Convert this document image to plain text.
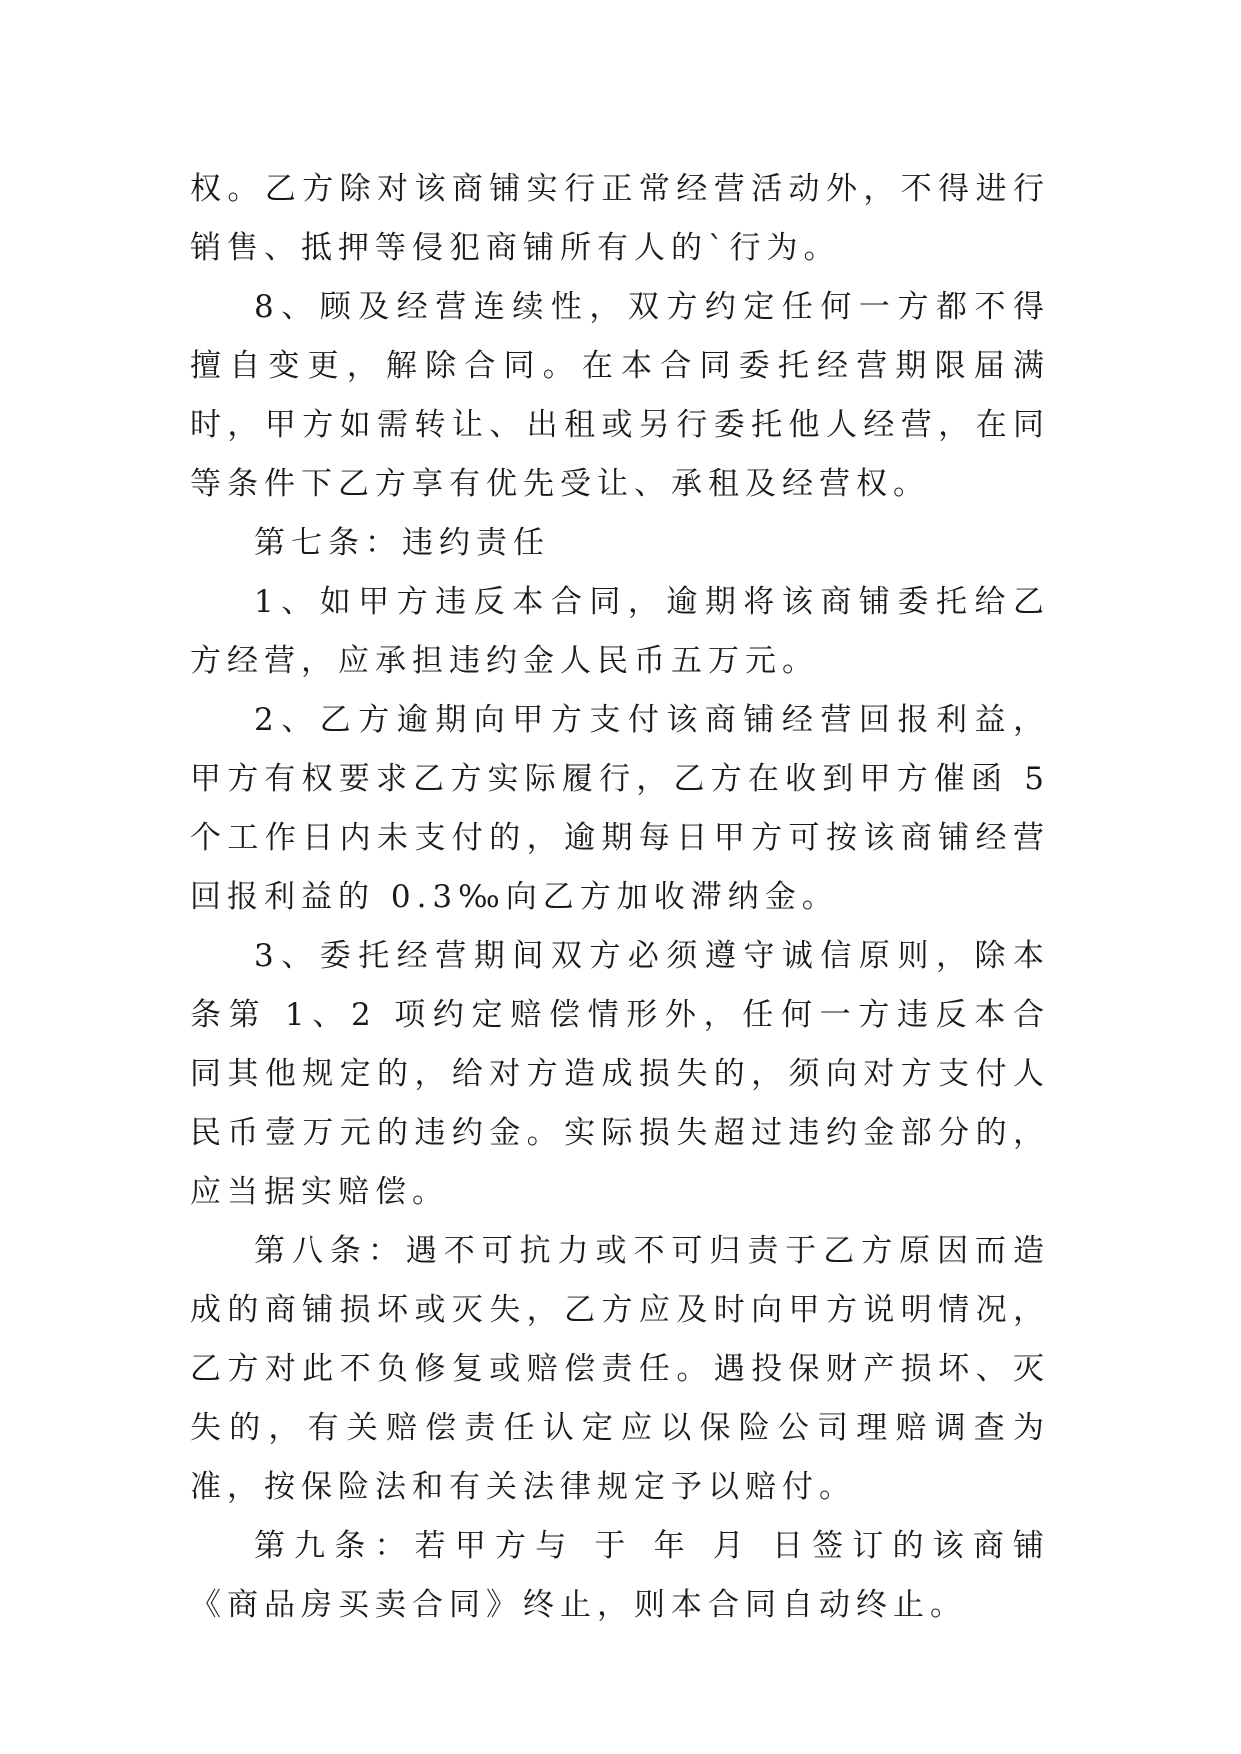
权。乙方除对该商铺实行正常经营活动外，不得进行销售、抵押等侵犯商铺所有人的`行为。

8、顾及经营连续性，双方约定任何一方都不得擅自变更，解除合同。在本合同委托经营期限届满时，甲方如需转让、出租或另行委托他人经营，在同等条件下乙方享有优先受让、承租及经营权。

第七条：违约责任

1、如甲方违反本合同，逾期将该商铺委托给乙方经营，应承担违约金人民币五万元。

2、乙方逾期向甲方支付该商铺经营回报利益，甲方有权要求乙方实际履行，乙方在收到甲方催函 5 个工作日内未支付的，逾期每日甲方可按该商铺经营回报利益的 0.3‰向乙方加收滞纳金。

3、委托经营期间双方必须遵守诚信原则，除本条第 1、2 项约定赔偿情形外，任何一方违反本合同其他规定的，给对方造成损失的，须向对方支付人民币壹万元的违约金。实际损失超过违约金部分的，应当据实赔偿。

第八条：遇不可抗力或不可归责于乙方原因而造成的商铺损坏或灭失，乙方应及时向甲方说明情况，乙方对此不负修复或赔偿责任。遇投保财产损坏、灭失的，有关赔偿责任认定应以保险公司理赔调查为准，按保险法和有关法律规定予以赔付。

第九条：若甲方与 于 年 月 日签订的该商铺《商品房买卖合同》终止，则本合同自动终止。
